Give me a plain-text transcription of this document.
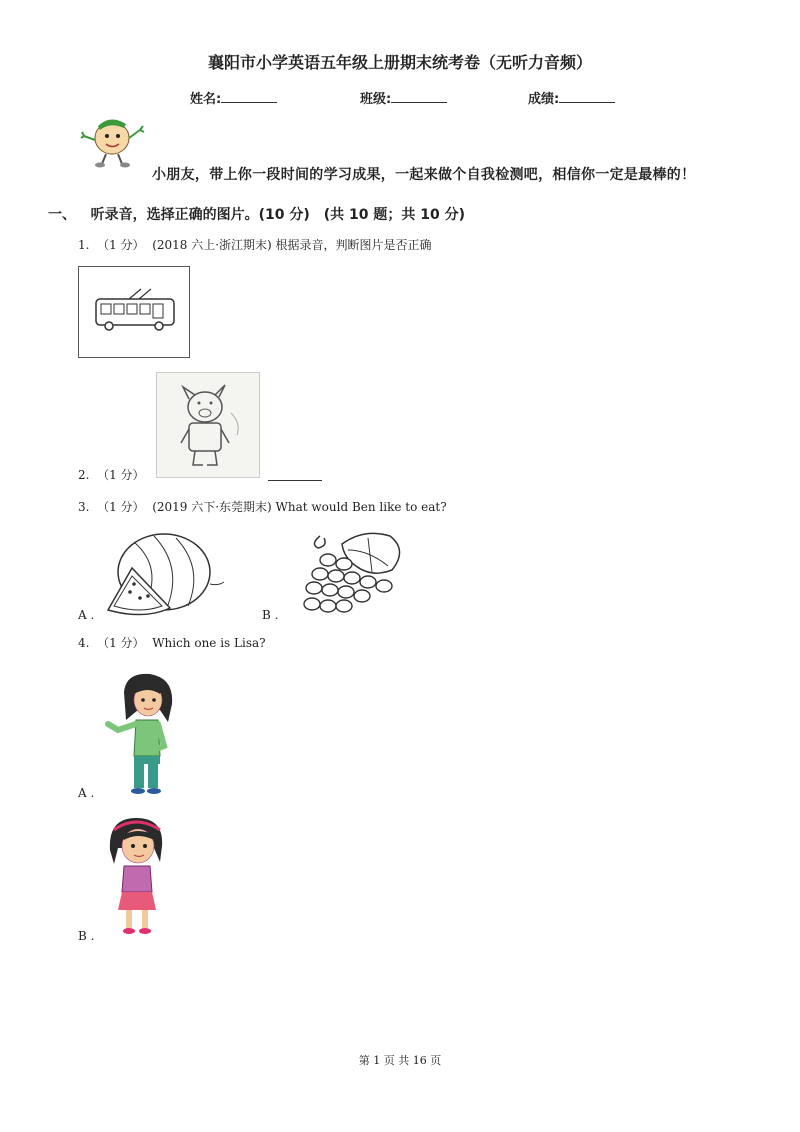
襄阳市小学英语五年级上册期末统考卷（无听力音频）
姓名:	班级:	成绩:
小朋友，带上你一段时间的学习成果，一起来做个自我检测吧，相信你一定是最棒的！
一、 听录音，选择正确的图片。(10 分)　(共 10 题；共 10 分)
1. （1 分） (2018 六上·浙江期末) 根据录音，判断图片是否正确
2. （1 分）
3. （1 分） (2019 六下·东莞期末) What would Ben like to eat?
A .	B .
4. （1 分） Which one is Lisa?
A .
B .
第 1 页 共 16 页
